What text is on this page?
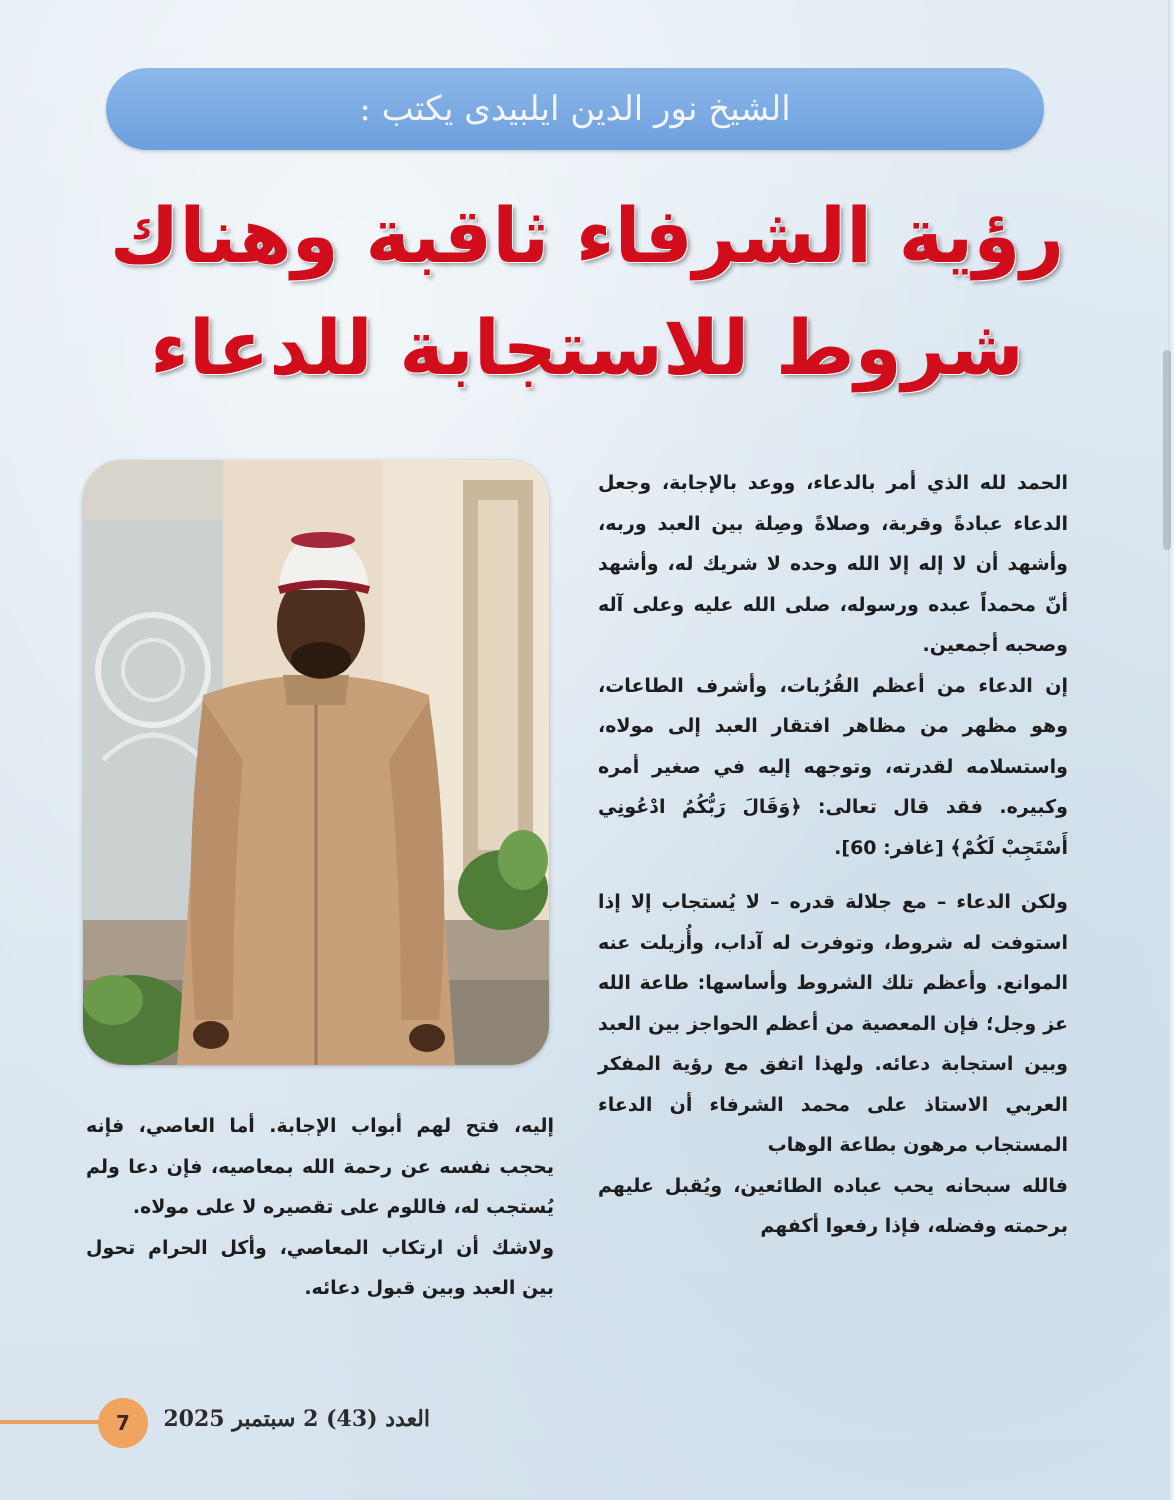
الشيخ نور الدين ايلبيدى يكتب :
رؤية الشرفاء ثاقبة وهناك
شروط للاستجابة للدعاء

الحمد لله الذي أمر بالدعاء، ووعد بالإجابة، وجعل الدعاء عبادةً وقربة، وصلاةً وصِلة بين العبد وربه، وأشهد أن لا إله إلا الله وحده لا شريك له، وأشهد أنّ محمداً عبده ورسوله، صلى الله عليه وعلى آله وصحبه أجمعين.

إن الدعاء من أعظم القُرُبات، وأشرف الطاعات، وهو مظهر من مظاهر افتقار العبد إلى مولاه، واستسلامه لقدرته، وتوجهه إليه في صغير أمره وكبيره. فقد قال تعالى: ﴿وَقَالَ رَبُّكُمُ ادْعُونِي أَسْتَجِبْ لَكُمْ﴾ [غافر: 60].

ولكن الدعاء – مع جلالة قدره – لا يُستجاب إلا إذا استوفت له شروط، وتوفرت له آداب، وأُزيلت عنه الموانع. وأعظم تلك الشروط وأساسها: طاعة الله عز وجل؛ فإن المعصية من أعظم الحواجز بين العبد وبين استجابة دعائه. ولهذا اتفق مع رؤية المفكر العربي الاستاذ على محمد الشرفاء أن الدعاء المستجاب مرهون بطاعة الوهاب

فالله سبحانه يحب عباده الطائعين، ويُقبل عليهم برحمته وفضله، فإذا رفعوا أكفهم

إليه، فتح لهم أبواب الإجابة. أما العاصي، فإنه يحجب نفسه عن رحمة الله بمعاصيه، فإن دعا ولم يُستجب له، فاللوم على تقصيره لا على مولاه.

ولاشك أن ارتكاب المعاصي، وأكل الحرام تحول بين العبد وبين قبول دعائه.

7 العدد (43) 2 سبتمبر 2025
